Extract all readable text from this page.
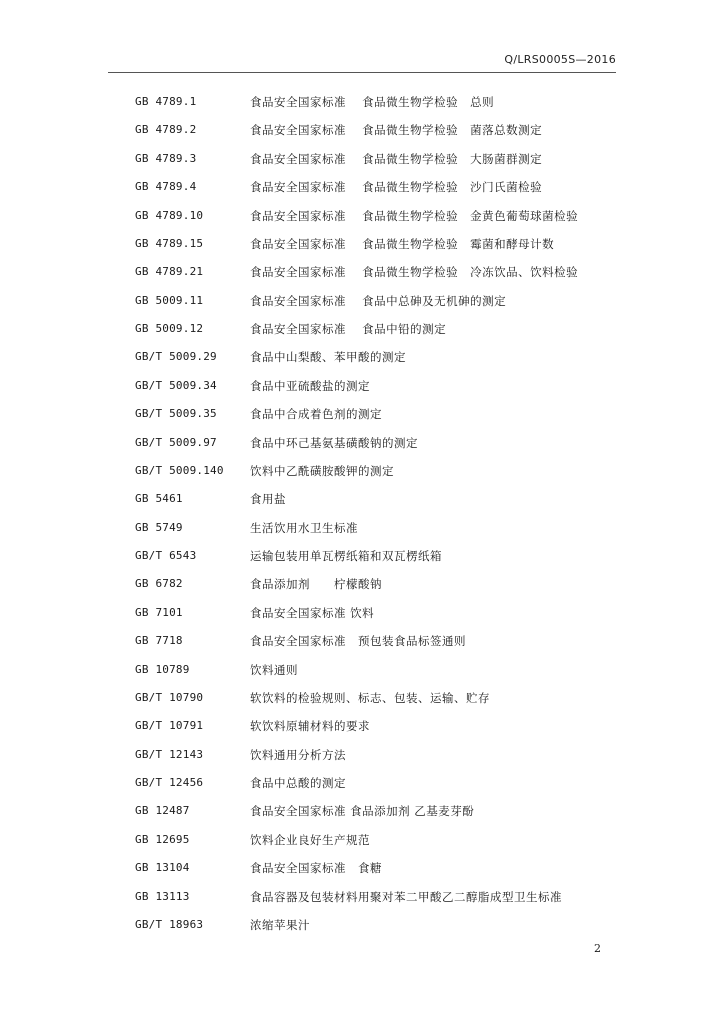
Q/LRS0005S—2016
GB 4789.1	食品安全国家标准　 食品微生物学检验　总则
GB 4789.2	食品安全国家标准　 食品微生物学检验　菌落总数测定
GB 4789.3	食品安全国家标准　 食品微生物学检验　大肠菌群测定
GB 4789.4	食品安全国家标准　 食品微生物学检验　沙门氏菌检验
GB 4789.10	食品安全国家标准　 食品微生物学检验　金黄色葡萄球菌检验
GB 4789.15	食品安全国家标准　 食品微生物学检验　霉菌和酵母计数
GB 4789.21	食品安全国家标准　 食品微生物学检验　冷冻饮品、饮料检验
GB 5009.11	食品安全国家标准　 食品中总砷及无机砷的测定
GB 5009.12	食品安全国家标准　 食品中铅的测定
GB/T 5009.29	食品中山梨酸、苯甲酸的测定
GB/T 5009.34	食品中亚硫酸盐的测定
GB/T 5009.35	食品中合成着色剂的测定
GB/T 5009.97	食品中环己基氨基磺酸钠的测定
GB/T 5009.140 饮料中乙酰磺胺酸钾的测定
GB 5461	食用盐
GB 5749	生活饮用水卫生标准
GB/T 6543	运输包装用单瓦楞纸箱和双瓦楞纸箱
GB 6782	食品添加剂　　柠檬酸钠
GB 7101	食品安全国家标准 饮料
GB 7718	食品安全国家标准　预包装食品标签通则
GB 10789	饮料通则
GB/T 10790	软饮料的检验规则、标志、包装、运输、贮存
GB/T 10791	软饮料原辅材料的要求
GB/T 12143	饮料通用分析方法
GB/T 12456	食品中总酸的测定
GB 12487	食品安全国家标准 食品添加剂 乙基麦芽酚
GB 12695	饮料企业良好生产规范
GB 13104	食品安全国家标准　食糖
GB 13113	食品容器及包装材料用聚对苯二甲酸乙二醇脂成型卫生标准
GB/T 18963	浓缩苹果汁
2
